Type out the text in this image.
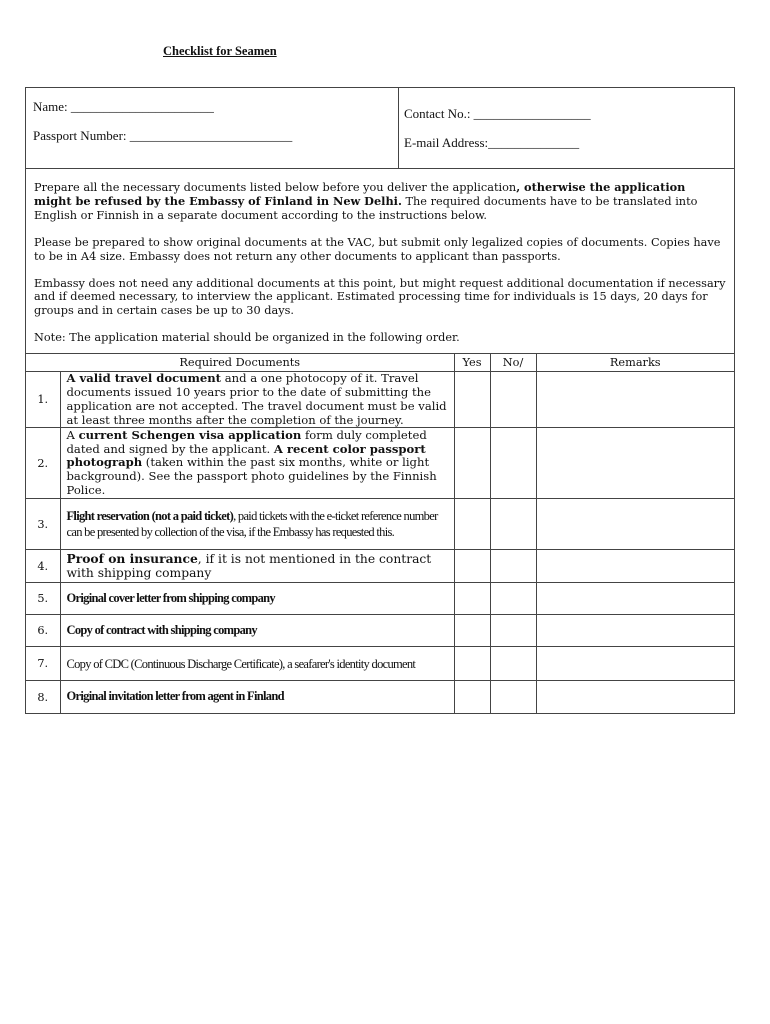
Checklist for Seamen
Name: ______________________
Passport Number: _________________________
Contact No.: __________________
E-mail Address:______________

Prepare all the necessary documents listed below before you deliver the application, otherwise the application might be refused by the Embassy of Finland in New Delhi. The required documents have to be translated into English or Finnish in a separate document according to the instructions below.

Please be prepared to show original documents at the VAC, but submit only legalized copies of documents. Copies have to be in A4 size. Embassy does not return any other documents to applicant than passports.

Embassy does not need any additional documents at this point, but might request additional documentation if necessary and if deemed necessary, to interview the applicant. Estimated processing time for individuals is 15 days, 20 days for groups and in certain cases be up to 30 days.

Note: The application material should be organized in the following order.

Required Documents		Yes	No/	Remarks
1.	A valid travel document and a one photocopy of it. Travel documents issued 10 years prior to the date of submitting the application are not accepted. The travel document must be valid at least three months after the completion of the journey.			
2.	A current Schengen visa application form duly completed dated and signed by the applicant. A recent color passport photograph (taken within the past six months, white or light background). See the passport photo guidelines by the Finnish Police.			
3.	Flight reservation (not a paid ticket), paid tickets with the e-ticket reference number can be presented by collection of the visa, if the Embassy has requested this.			
4.	Proof on insurance, if it is not mentioned in the contract with shipping company			
5.	Original cover letter from shipping company			
6.	Copy of contract with shipping company			
7.	Copy of CDC (Continuous Discharge Certificate), a seafarer's identity document			
8.	Original invitation letter from agent in Finland			
